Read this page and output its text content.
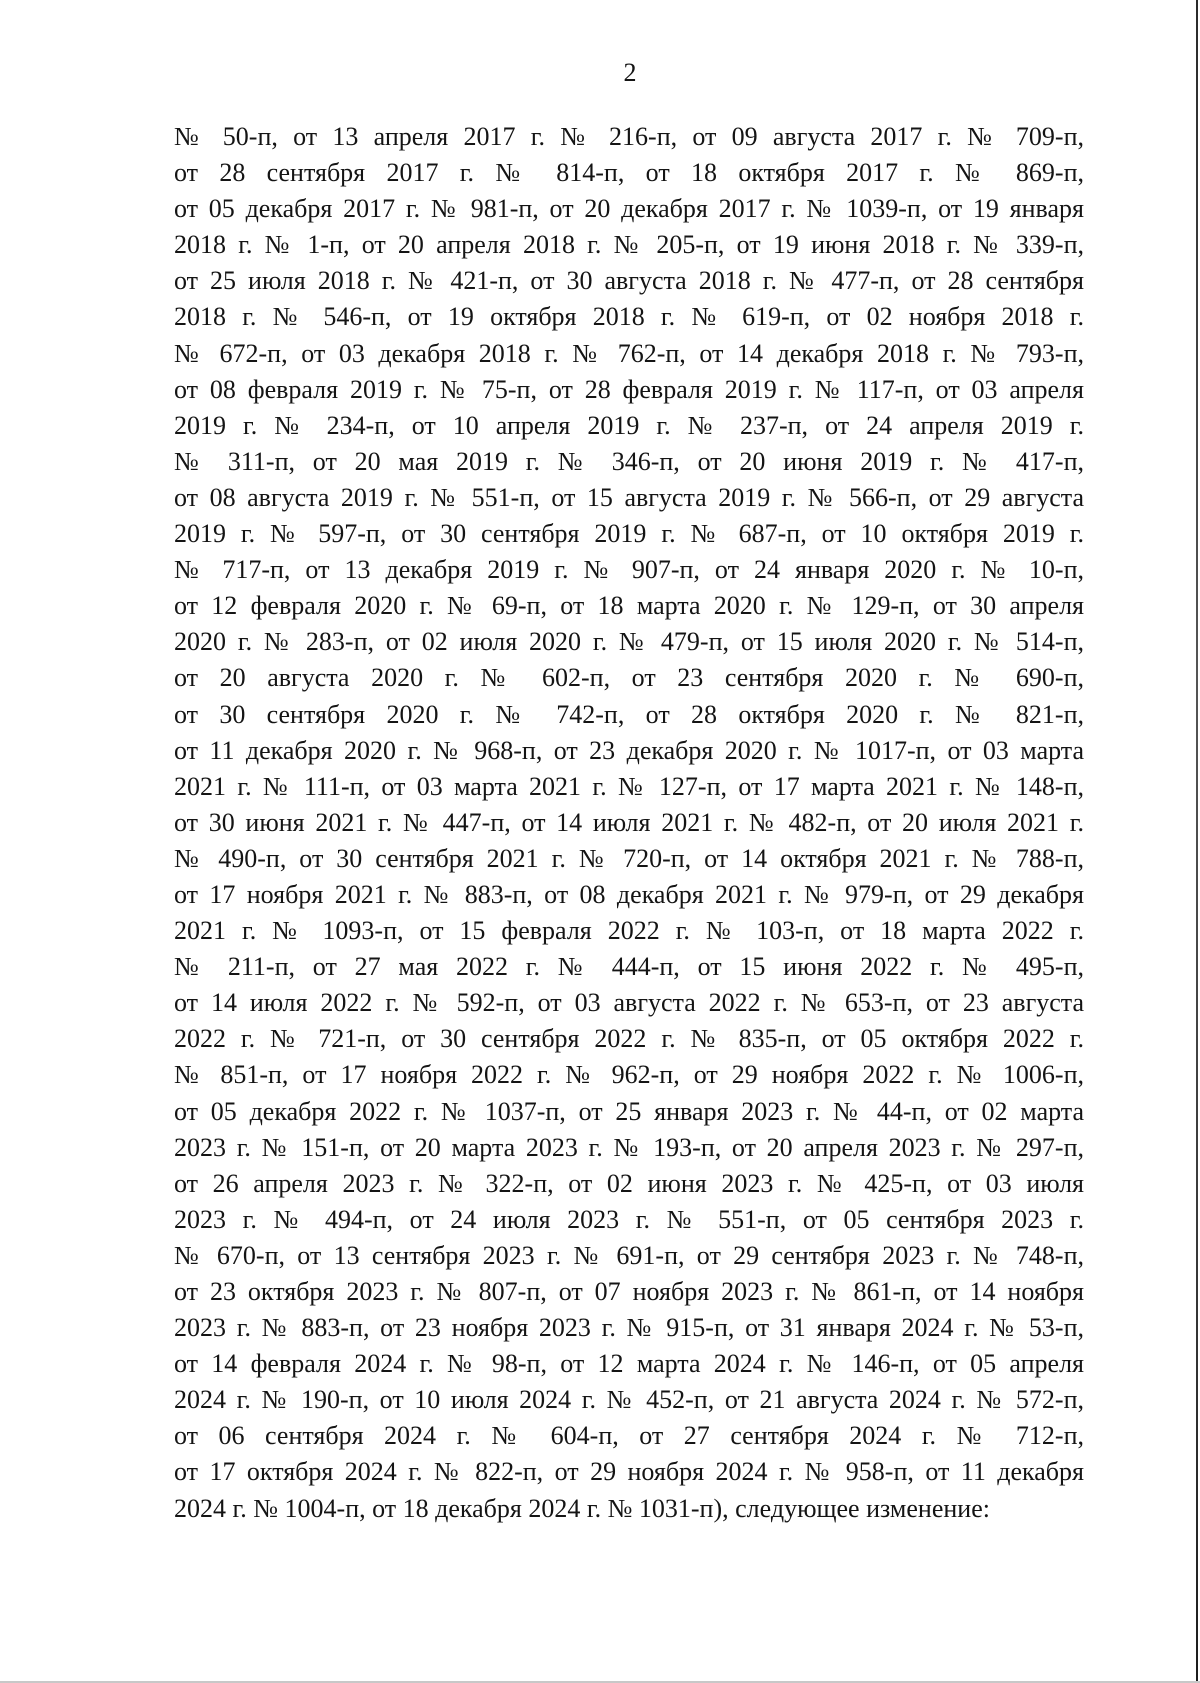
2
№ 50-п, от 13 апреля 2017 г. № 216-п, от 09 августа 2017 г. № 709-п,
от 28 сентября 2017 г. № 814-п, от 18 октября 2017 г. № 869-п,
от 05 декабря 2017 г. № 981-п, от 20 декабря 2017 г. № 1039-п, от 19 января
2018 г. № 1-п, от 20 апреля 2018 г. № 205-п, от 19 июня 2018 г. № 339-п,
от 25 июля 2018 г. № 421-п, от 30 августа 2018 г. № 477-п, от 28 сентября
2018 г. № 546-п, от 19 октября 2018 г. № 619-п, от 02 ноября 2018 г.
№ 672-п, от 03 декабря 2018 г. № 762-п, от 14 декабря 2018 г. № 793-п,
от 08 февраля 2019 г. № 75-п, от 28 февраля 2019 г. № 117-п, от 03 апреля
2019 г. № 234-п, от 10 апреля 2019 г. № 237-п, от 24 апреля 2019 г.
№ 311-п, от 20 мая 2019 г. № 346-п, от 20 июня 2019 г. № 417-п,
от 08 августа 2019 г. № 551-п, от 15 августа 2019 г. № 566-п, от 29 августа
2019 г. № 597-п, от 30 сентября 2019 г. № 687-п, от 10 октября 2019 г.
№ 717-п, от 13 декабря 2019 г. № 907-п, от 24 января 2020 г. № 10-п,
от 12 февраля 2020 г. № 69-п, от 18 марта 2020 г. № 129-п, от 30 апреля
2020 г. № 283-п, от 02 июля 2020 г. № 479-п, от 15 июля 2020 г. № 514-п,
от 20 августа 2020 г. № 602-п, от 23 сентября 2020 г. № 690-п,
от 30 сентября 2020 г. № 742-п, от 28 октября 2020 г. № 821-п,
от 11 декабря 2020 г. № 968-п, от 23 декабря 2020 г. № 1017-п, от 03 марта
2021 г. № 111-п, от 03 марта 2021 г. № 127-п, от 17 марта 2021 г. № 148-п,
от 30 июня 2021 г. № 447-п, от 14 июля 2021 г. № 482-п, от 20 июля 2021 г.
№ 490-п, от 30 сентября 2021 г. № 720-п, от 14 октября 2021 г. № 788-п,
от 17 ноября 2021 г. № 883-п, от 08 декабря 2021 г. № 979-п, от 29 декабря
2021 г. № 1093-п, от 15 февраля 2022 г. № 103-п, от 18 марта 2022 г.
№ 211-п, от 27 мая 2022 г. № 444-п, от 15 июня 2022 г. № 495-п,
от 14 июля 2022 г. № 592-п, от 03 августа 2022 г. № 653-п, от 23 августа
2022 г. № 721-п, от 30 сентября 2022 г. № 835-п, от 05 октября 2022 г.
№ 851-п, от 17 ноября 2022 г. № 962-п, от 29 ноября 2022 г. № 1006-п,
от 05 декабря 2022 г. № 1037-п, от 25 января 2023 г. № 44-п, от 02 марта
2023 г. № 151-п, от 20 марта 2023 г. № 193-п, от 20 апреля 2023 г. № 297-п,
от 26 апреля 2023 г. № 322-п, от 02 июня 2023 г. № 425-п, от 03 июля
2023 г. № 494-п, от 24 июля 2023 г. № 551-п, от 05 сентября 2023 г.
№ 670-п, от 13 сентября 2023 г. № 691-п, от 29 сентября 2023 г. № 748-п,
от 23 октября 2023 г. № 807-п, от 07 ноября 2023 г. № 861-п, от 14 ноября
2023 г. № 883-п, от 23 ноября 2023 г. № 915-п, от 31 января 2024 г. № 53-п,
от 14 февраля 2024 г. № 98-п, от 12 марта 2024 г. № 146-п, от 05 апреля
2024 г. № 190-п, от 10 июля 2024 г. № 452-п, от 21 августа 2024 г. № 572-п,
от 06 сентября 2024 г. № 604-п, от 27 сентября 2024 г. № 712-п,
от 17 октября 2024 г. № 822-п, от 29 ноября 2024 г. № 958-п, от 11 декабря
2024 г. № 1004-п, от 18 декабря 2024 г. № 1031-п), следующее изменение:
